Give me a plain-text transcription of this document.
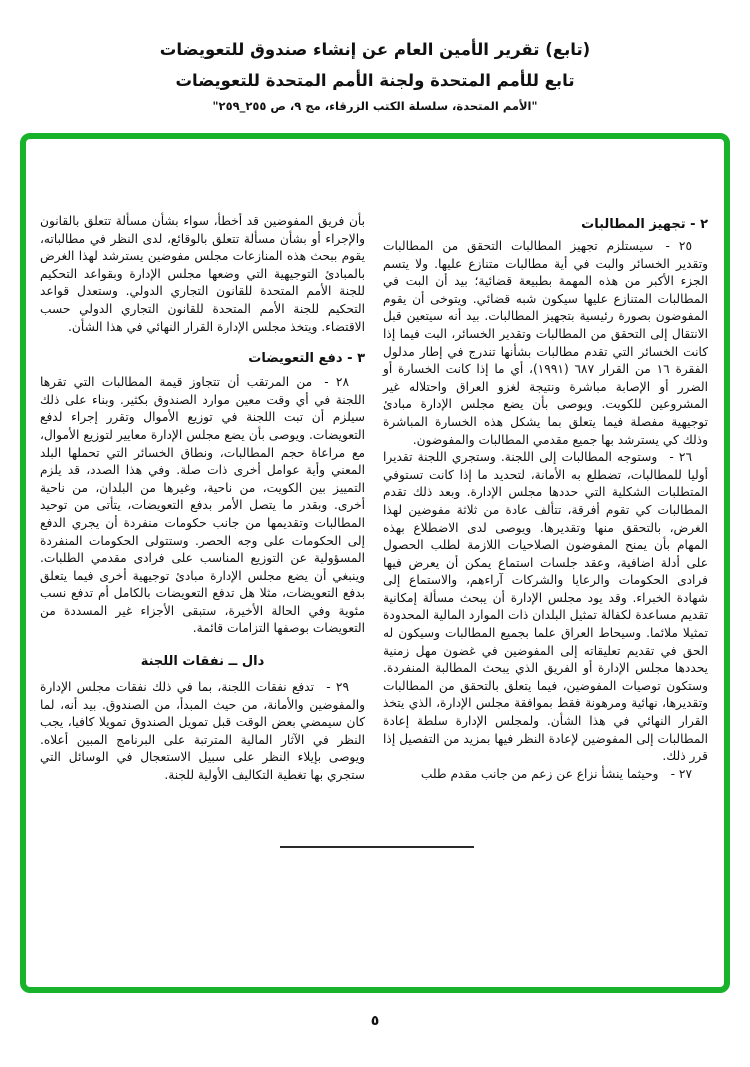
(تابع) تقرير الأمين العام عن إنشاء صندوق للتعويضات
تابع للأمم المتحدة ولجنة الأمم المتحدة للتعويضات
"الأمم المتحدة، سلسلة الكتب الزرقاء، مج ٩، ص ٢٥٥_٢٥٩"
٢ - تجهيز المطالبات

٢٥ - سيستلزم تجهيز المطالبات التحقق من المطالبات وتقدير الخسائر والبت في أية مطالبات متنازع عليها. ولا يتسم الجزء الأكبر من هذه المهمة بطبيعة قضائية؛ بيد أن البت في المطالبات المتنازع عليها سيكون شبه قضائي. ويتوخى أن يقوم المفوضون بصورة رئيسية بتجهيز المطالبات. بيد أنه سيتعين قبل الانتقال إلى التحقق من المطالبات وتقدير الخسائر، البت فيما إذا كانت الخسائر التي تقدم مطالبات بشأنها تندرج في إطار مدلول الفقرة ١٦ من القرار ٦٨٧ (١٩٩١)، أي ما إذا كانت الخسارة أو الضرر أو الإصابة مباشرة ونتيجة لغزو العراق واحتلاله غير المشروعين للكويت. ويوصى بأن يضع مجلس الإدارة مبادئ توجيهية مفصلة فيما يتعلق بما يشكل هذه الخسارة المباشرة وذلك كي يسترشد بها جميع مقدمي المطالبات والمفوضون.

٢٦ - وستوجه المطالبات إلى اللجنة. وستجري اللجنة تقديرا أوليا للمطالبات، تضطلع به الأمانة، لتحديد ما إذا كانت تستوفي المتطلبات الشكلية التي حددها مجلس الإدارة. وبعد ذلك تقدم المطالبات كي تقوم أفرقة، تتألف عادة من ثلاثة مفوضين لهذا الغرض، بالتحقق منها وتقديرها. ويوصى لدى الاضطلاع بهذه المهام بأن يمنح المفوضون الصلاحيات اللازمة لطلب الحصول على أدلة اضافية، وعقد جلسات استماع يمكن أن يعرض فيها فرادى الحكومات والرعايا والشركات آراءهم، والاستماع إلى شهادة الخبراء. وقد يود مجلس الإدارة أن يبحث مسألة إمكانية تقديم مساعدة لكفالة تمثيل البلدان ذات الموارد المالية المحدودة تمثيلا ملائما. وسيحاط العراق علما بجميع المطالبات وسيكون له الحق في تقديم تعليقاته إلى المفوضين في غضون مهل زمنية يحددها مجلس الإدارة أو الفريق الذي يبحث المطالبة المنفردة. وستكون توصيات المفوضين، فيما يتعلق بالتحقق من المطالبات وتقديرها، نهائية ومرهونة فقط بموافقة مجلس الإدارة، الذي يتخذ القرار النهائي في هذا الشأن. ولمجلس الإدارة سلطة إعادة المطالبات إلى المفوضين لإعادة النظر فيها بمزيد من التفصيل إذا قرر ذلك.

٢٧ - وحيثما ينشأ نزاع عن زعم من جانب مقدم طلب

بأن فريق المفوضين قد أخطأ، سواء بشأن مسألة تتعلق بالقانون والإجراء أو بشأن مسألة تتعلق بالوقائع، لدى النظر في مطالباته، يقوم ببحث هذه المنازعات مجلس مفوضين يسترشد لهذا الغرض بالمبادئ التوجيهية التي وضعها مجلس الإدارة وبقواعد التحكيم للجنة الأمم المتحدة للقانون التجاري الدولي. وستعدل قواعد التحكيم للجنة الأمم المتحدة للقانون التجاري الدولي حسب الاقتضاء. ويتخذ مجلس الإدارة القرار النهائي في هذا الشأن.

٣ - دفع التعويضات

٢٨ - من المرتقب أن تتجاوز قيمة المطالبات التي تقرها اللجنة في أي وقت معين موارد الصندوق بكثير. وبناء على ذلك سيلزم أن تبت اللجنة في توزيع الأموال وتقرر إجراء لدفع التعويضات. ويوصى بأن يضع مجلس الإدارة معايير لتوزيع الأموال، مع مراعاة حجم المطالبات، ونطاق الخسائر التي تحملها البلد المعني وأية عوامل أخرى ذات صلة. وفي هذا الصدد، قد يلزم التمييز بين الكويت، من ناحية، وغيرها من البلدان، من ناحية أخرى. وبقدر ما يتصل الأمر بدفع التعويضات، يتأتى من توحيد المطالبات وتقديمها من جانب حكومات منفردة أن يجري الدفع إلى الحكومات على وجه الحصر. وستتولى الحكومات المنفردة المسؤولية عن التوزيع المناسب على فرادى مقدمي الطلبات. وينبغي أن يضع مجلس الإدارة مبادئ توجيهية أخرى فيما يتعلق بدفع التعويضات، مثلا هل تدفع التعويضات بالكامل أم تدفع نسب مئوية وفي الحالة الأخيرة، ستبقى الأجزاء غير المسددة من التعويضات بوصفها التزامات قائمة.

دال ــ نفقات اللجنة

٢٩ - تدفع نفقات اللجنة، بما في ذلك نفقات مجلس الإدارة والمفوضين والأمانة، من حيث المبدأ، من الصندوق. بيد أنه، لما كان سيمضي بعض الوقت قبل تمويل الصندوق تمويلا كافيا، يجب النظر في الآثار المالية المترتبة على البرنامج المبين أعلاه. ويوصى بإيلاء النظر على سبيل الاستعجال في الوسائل التي ستجري بها تغطية التكاليف الأولية للجنة.

٥
